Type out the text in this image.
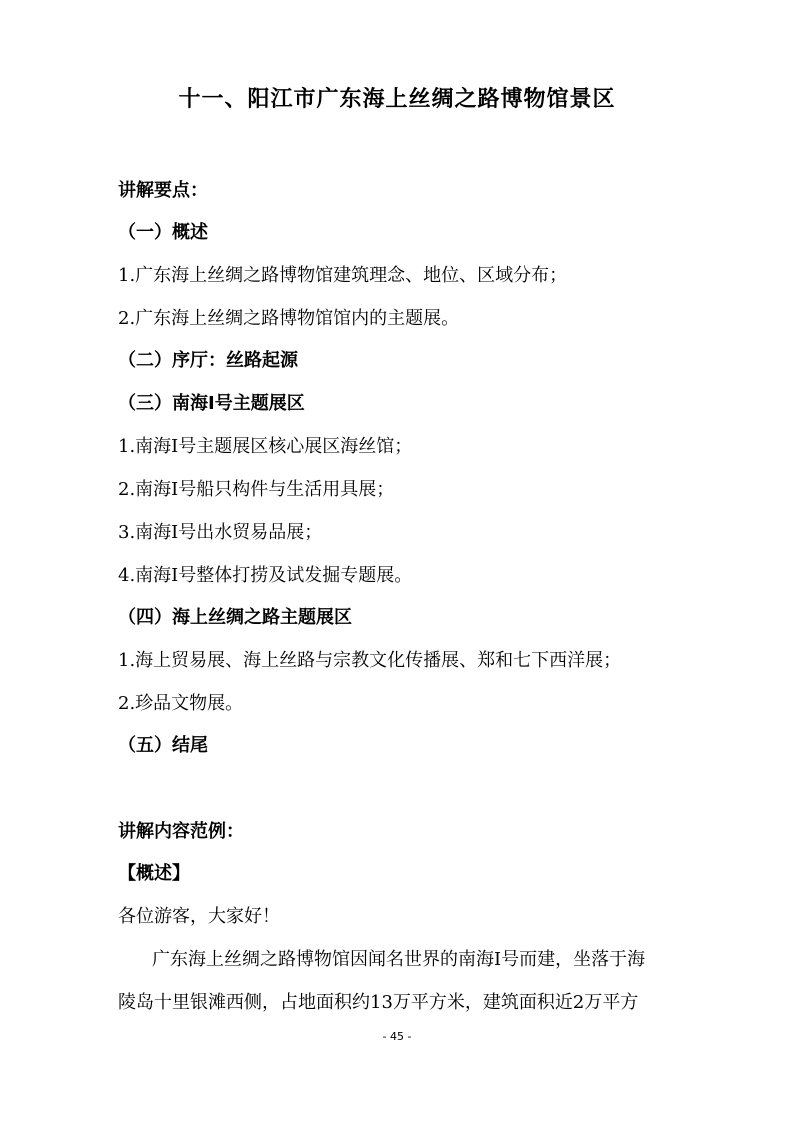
十一、阳江市广东海上丝绸之路博物馆景区
讲解要点：
（一）概述
1.广东海上丝绸之路博物馆建筑理念、地位、区域分布；
2.广东海上丝绸之路博物馆馆内的主题展。
（二）序厅：丝路起源
（三）南海Ⅰ号主题展区
1.南海Ⅰ号主题展区核心展区海丝馆；
2.南海Ⅰ号船只构件与生活用具展；
3.南海Ⅰ号出水贸易品展；
4.南海Ⅰ号整体打捞及试发掘专题展。
（四）海上丝绸之路主题展区
1.海上贸易展、海上丝路与宗教文化传播展、郑和七下西洋展；
2.珍品文物展。
（五）结尾
讲解内容范例：
【概述】
各位游客，大家好！
广东海上丝绸之路博物馆因闻名世界的南海Ⅰ号而建，坐落于海
陵岛十里银滩西侧，占地面积约13万平方米，建筑面积近2万平方
- 45 -
